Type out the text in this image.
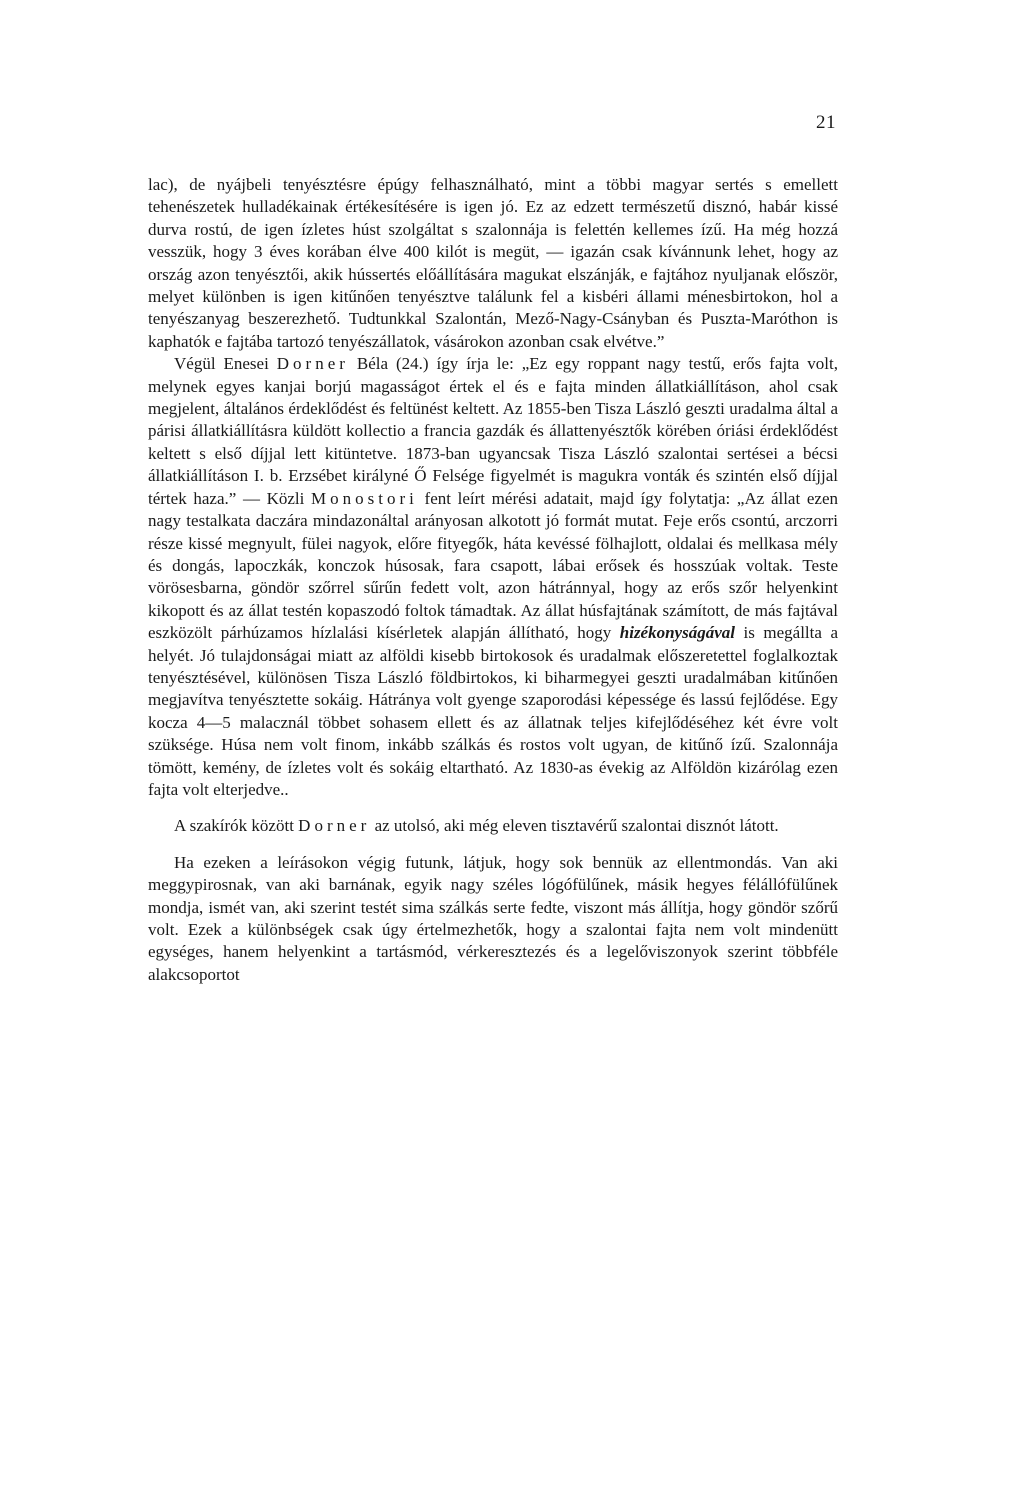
21

lac), de nyájbeli tenyésztésre épúgy felhasználható, mint a többi magyar sertés s emellett tehenészetek hulladékainak értékesítésére is igen jó. Ez az edzett természetű disznó, habár kissé durva rostú, de igen ízletes húst szolgáltat s szalonnája is felettén kellemes ízű. Ha még hozzá vesszük, hogy 3 éves korában élve 400 kilót is megüt, — igazán csak kívánnunk lehet, hogy az ország azon tenyésztői, akik hússertés előállítására magukat elszánják, e fajtához nyuljanak először, melyet különben is igen kitűnően tenyésztve találunk fel a kisbéri állami ménesbirtokon, hol a tenyészanyag beszerezhető. Tudtunkkal Szalontán, Mező-Nagy-Csányban és Puszta-Maróthon is kaphatók e fajtába tartozó tenyészállatok, vásárokon azonban csak elvétve.”

Végül Enesei Dorner Béla (24.) így írja le: „Ez egy roppant nagy testű, erős fajta volt, melynek egyes kanjai borjú magasságot értek el és e fajta minden állatkiállításon, ahol csak megjelent, általános érdeklődést és feltünést keltett. Az 1855-ben Tisza László geszti uradalma által a párisi állatkiállításra küldött kollectio a francia gazdák és állattenyésztők körében óriási érdeklődést keltett s első díjjal lett kitüntetve. 1873-ban ugyancsak Tisza László szalontai sertései a bécsi állatkiállításon I. b. Erzsébet királyné Ő Felsége figyelmét is magukra vonták és szintén első díjjal tértek haza.” — Közli Monostori fent leírt mérési adatait, majd így folytatja: „Az állat ezen nagy testalkata daczára mindazonáltal arányosan alkotott jó formát mutat. Feje erős csontú, arczorri része kissé megnyult, fülei nagyok, előre fityegők, háta kevéssé fölhajlott, oldalai és mellkasa mély és dongás, lapoczkák, konczok húsosak, fara csapott, lábai erősek és hosszúak voltak. Teste vörösesbarna, göndör szőrrel sűrűn fedett volt, azon hátránnyal, hogy az erős szőr helyenkint kikopott és az állat testén kopaszodó foltok támadtak. Az állat húsfajtának számított, de más fajtával eszközölt párhúzamos hízlalási kísérletek alapján állítható, hogy hizékonyságával is megállta a helyét. Jó tulajdonságai miatt az alföldi kisebb birtokosok és uradalmak előszeretettel foglalkoztak tenyésztésével, különösen Tisza László földbirtokos, ki biharmegyei geszti uradalmában kitűnően megjavítva tenyésztette sokáig. Hátránya volt gyenge szaporodási képessége és lassú fejlődése. Egy kocza 4—5 malacznál többet sohasem ellett és az állatnak teljes kifejlődéséhez két évre volt szüksége. Húsa nem volt finom, inkább szálkás és rostos volt ugyan, de kitűnő ízű. Szalonnája tömött, kemény, de ízletes volt és sokáig eltartható. Az 1830-as évekig az Alföldön kizárólag ezen fajta volt elterjedve..

A szakírók között Dorner az utolsó, aki még eleven tisztavérű szalontai disznót látott.

Ha ezeken a leírásokon végig futunk, látjuk, hogy sok bennük az ellentmondás. Van aki meggypirosnak, van aki barnának, egyik nagy széles lógófülűnek, másik hegyes félállófülűnek mondja, ismét van, aki szerint testét sima szálkás serte fedte, viszont más állítja, hogy göndör szőrű volt. Ezek a különbségek csak úgy értelmezhetők, hogy a szalontai fajta nem volt mindenütt egységes, hanem helyenkint a tartásmód, vérkeresztezés és a legelőviszonyok szerint többféle alakcsoportot
